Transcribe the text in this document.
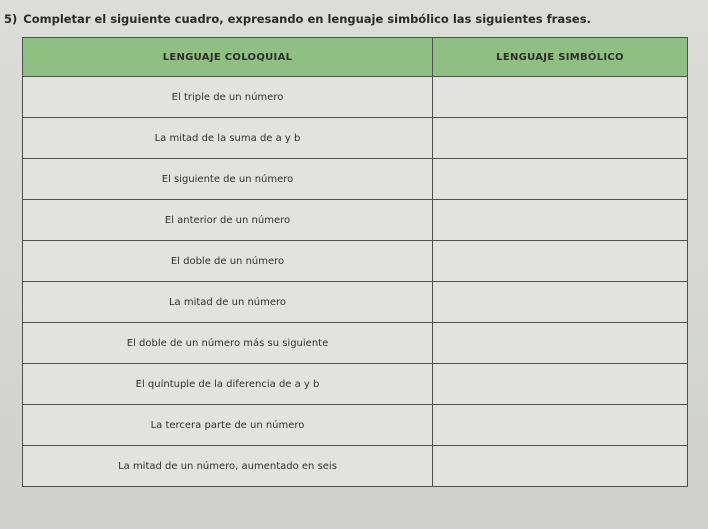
5) Completar el siguiente cuadro, expresando en lenguaje simbólico las siguientes frases.
LENGUAJE COLOQUIAL	LENGUAJE SIMBÓLICO
El triple de un número	
La mitad de la suma de a y b	
El siguiente de un número	
El anterior de un número	
El doble de un número	
La mitad de un número	
El doble de un número más su siguiente	
El quíntuple de la diferencia de a y b	
La tercera parte de un número	
La mitad de un número, aumentado en seis	
